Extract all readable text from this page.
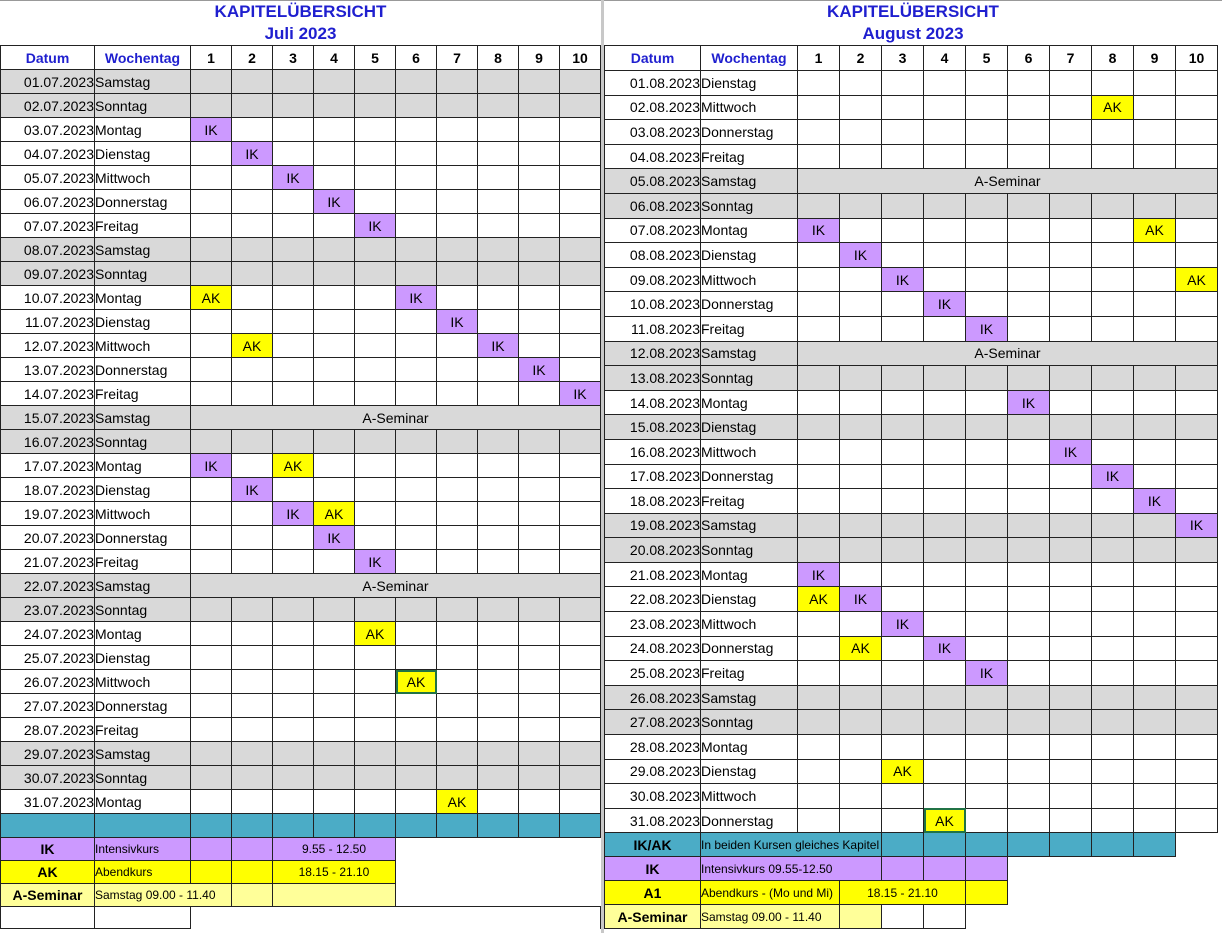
KAPITELÜBERSICHT
Juli 2023
Datum	Wochentag	1	2	3	4	5	6	7	8	9	10
01.07.2023	Samstag										
02.07.2023	Sonntag										
03.07.2023	Montag	IK									
04.07.2023	Dienstag		IK								
05.07.2023	Mittwoch			IK							
06.07.2023	Donnerstag				IK						
07.07.2023	Freitag					IK					
08.07.2023	Samstag										
09.07.2023	Sonntag										
10.07.2023	Montag	AK					IK				
11.07.2023	Dienstag							IK			
12.07.2023	Mittwoch		AK						IK		
13.07.2023	Donnerstag									IK	
14.07.2023	Freitag										IK
15.07.2023	Samstag	A-Seminar									
16.07.2023	Sonntag										
17.07.2023	Montag	IK		AK							
18.07.2023	Dienstag		IK								
19.07.2023	Mittwoch			IK	AK						
20.07.2023	Donnerstag				IK						
21.07.2023	Freitag					IK					
22.07.2023	Samstag	A-Seminar									
23.07.2023	Sonntag										
24.07.2023	Montag					AK					
25.07.2023	Dienstag										
26.07.2023	Mittwoch						AK				
27.07.2023	Donnerstag										
28.07.2023	Freitag										
29.07.2023	Samstag										
30.07.2023	Sonntag										
31.07.2023	Montag							AK			

IK	Intensivkurs			9.55 - 12.50							
AK	Abendkurs			18.15 - 21.10							
A-Seminar	Samstag 09.00 - 11.40										

KAPITELÜBERSICHT
August 2023
Datum	Wochentag	1	2	3	4	5	6	7	8	9	10
01.08.2023	Dienstag										
02.08.2023	Mittwoch								AK		
03.08.2023	Donnerstag										
04.08.2023	Freitag										
05.08.2023	Samstag	A-Seminar									
06.08.2023	Sonntag										
07.08.2023	Montag	IK								AK	
08.08.2023	Dienstag		IK								
09.08.2023	Mittwoch			IK							AK
10.08.2023	Donnerstag				IK						
11.08.2023	Freitag					IK					
12.08.2023	Samstag	A-Seminar									
13.08.2023	Sonntag										
14.08.2023	Montag						IK				
15.08.2023	Dienstag										
16.08.2023	Mittwoch							IK			
17.08.2023	Donnerstag								IK		
18.08.2023	Freitag									IK	
19.08.2023	Samstag										IK
20.08.2023	Sonntag										
21.08.2023	Montag	IK									
22.08.2023	Dienstag	AK	IK								
23.08.2023	Mittwoch			IK							
24.08.2023	Donnerstag		AK		IK						
25.08.2023	Freitag					IK					
26.08.2023	Samstag										
27.08.2023	Sonntag										
28.08.2023	Montag										
29.08.2023	Dienstag			AK							
30.08.2023	Mittwoch										
31.08.2023	Donnerstag				AK						
IK/AK	In beiden Kursen gleiches Kapitel										
IK	Intensivkurs 09.55-12.50										
A1	Abendkurs - (Mo und Mi)		18.15 - 21.10								
A-Seminar	Samstag 09.00 - 11.40										
